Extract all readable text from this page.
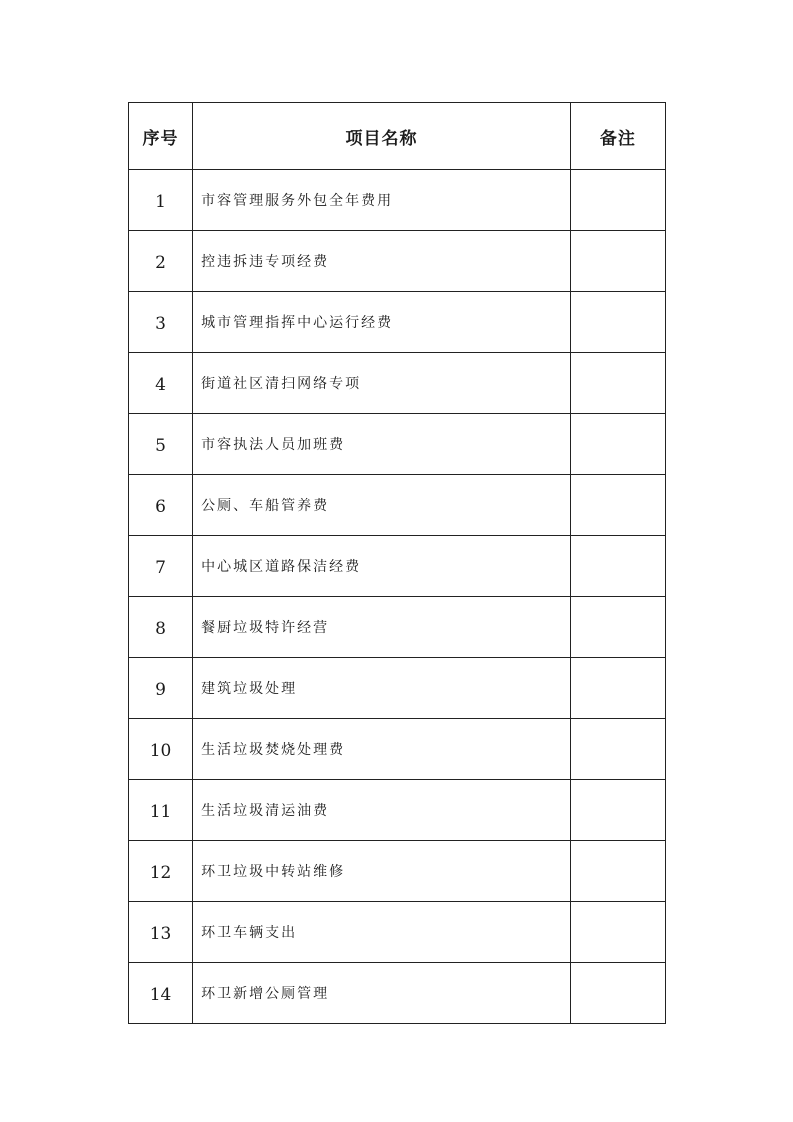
序号	项目名称	备注
1	市容管理服务外包全年费用	

2	控违拆违专项经费	

3	城市管理指挥中心运行经费	

4	街道社区清扫网络专项	

5	市容执法人员加班费	

6	公厕、车船管养费	

7	中心城区道路保洁经费	

8	餐厨垃圾特许经营	

9	建筑垃圾处理	

10	生活垃圾焚烧处理费	

11	生活垃圾清运油费	

12	环卫垃圾中转站维修	

13	环卫车辆支出	

14	环卫新增公厕管理	
